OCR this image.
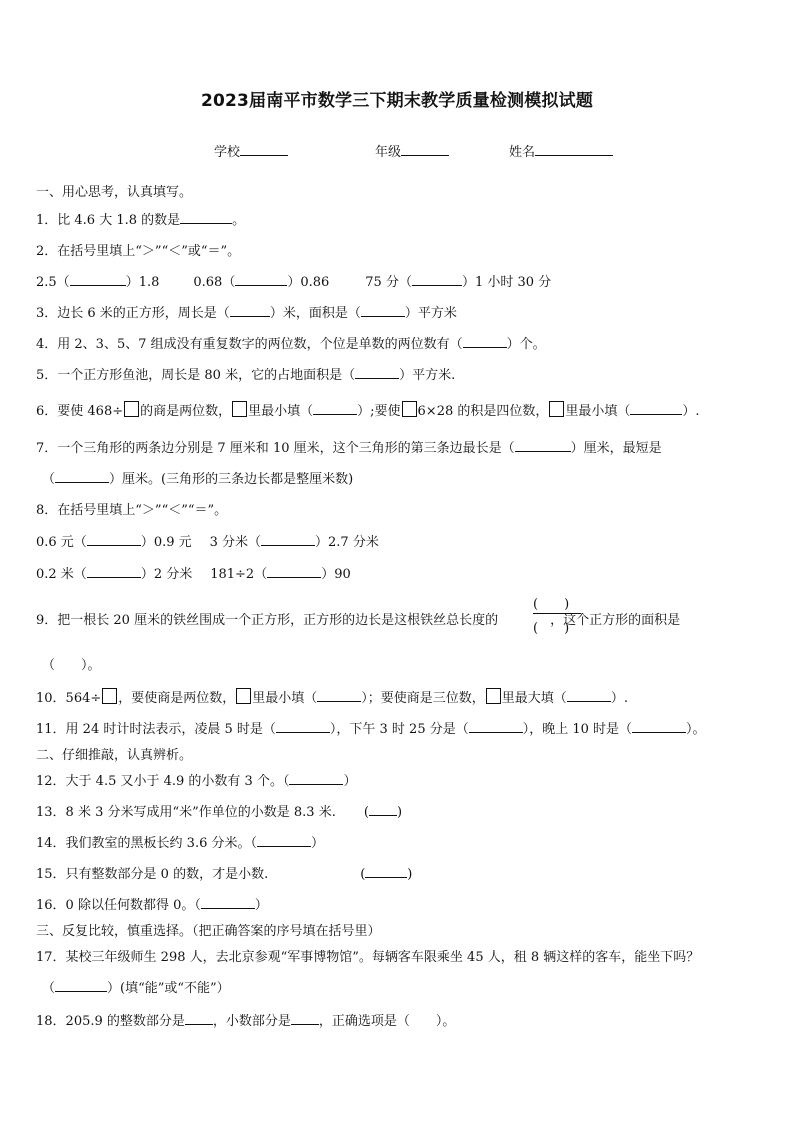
2023届南平市数学三下期末教学质量检测模拟试题
学校	年级	姓名
一、用心思考，认真填写。
1．比 4.6 大 1.8 的数是	。
2．在括号里填上“＞”“＜”或“＝”。
2.5（	）1.8	0.68（	）0.86	75 分（	）1 小时 30 分
3．边长 6 米的正方形，周长是（	）米，面积是（	）平方米
4．用 2、3、5、7 组成没有重复数字的两位数，个位是单数的两位数有（	）个。
5．一个正方形鱼池，周长是 80 米，它的占地面积是（	）平方米.
6．要使 468÷ 的商是两位数， 里最小填（	）;要使 6×28 的积是四位数， 里最小填（	）.
7．一个三角形的两条边分别是 7 厘米和 10 厘米，这个三角形的第三条边最长是（	）厘米，最短是
（	）厘米。(三角形的三条边长都是整厘米数)
8．在括号里填上“＞”“＜”“＝”。
0.6 元（	）0.9 元 3 分米（	）2.7 分米
0.2 米（	）2 分米 181÷2（	）90
9．把一根长 20 厘米的铁丝围成一个正方形，正方形的边长是这根铁丝总长度的	，这个正方形的面积是
(　　)
(　　)
（　　）。
10．564÷ ，要使商是两位数， 里最小填（	）；要使商是三位数， 里最大填（	）.
11．用 24 时计时法表示，凌晨 5 时是（	），下午 3 时 25 分是（	），晚上 10 时是（	）。
二、仔细推敲，认真辨析。
12．大于 4.5 又小于 4.9 的小数有 3 个。（	）
13．8 米 3 分米写成用“米”作单位的小数是 8.3 米. ( )
14．我们教室的黑板长约 3.6 分米。（	）
15．只有整数部分是 0 的数，才是小数.	(	)
16．0 除以任何数都得 0。（	）
三、反复比较，慎重选择。（把正确答案的序号填在括号里）
17．某校三年级师生 298 人，去北京参观“军事博物馆”。每辆客车限乘坐 45 人，租 8 辆这样的客车，能坐下吗？
（	）(填“能”或“不能”）
18．205.9 的整数部分是 ，小数部分是 ，正确选项是（　　）。
